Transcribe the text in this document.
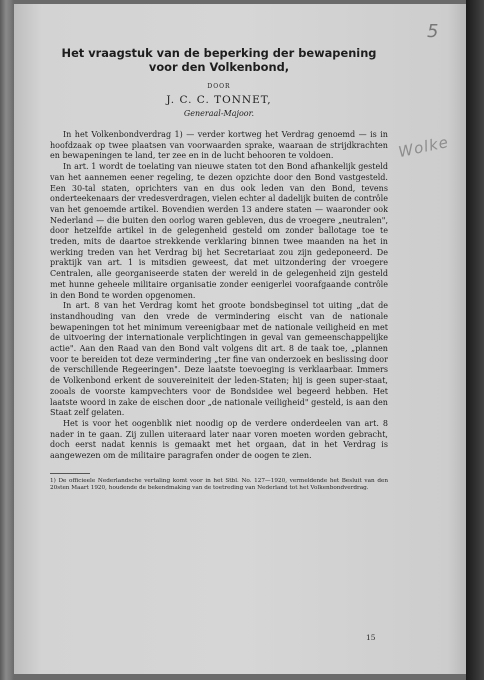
5
Wolke
Het vraagstuk van de beperking der bewapening voor den Volkenbond,
DOOR
J. C. C. TONNET,
Generaal-Majoor.

In het Volkenbondverdrag 1) — verder kortweg het Verdrag genoemd — is in hoofdzaak op twee plaatsen van voorwaarden sprake, waaraan de strijdkrachten en bewapeningen te land, ter zee en in de lucht behooren te voldoen.

In art. 1 wordt de toelating van nieuwe staten tot den Bond afhankelijk gesteld van het aannemen eener regeling, te dezen opzichte door den Bond vastgesteld. Een 30-tal staten, oprichters van en dus ook leden van den Bond, tevens onderteekenaars der vredesverdragen, vielen echter al dadelijk buiten de contrôle van het genoemde artikel. Bovendien werden 13 andere staten — waaronder ook Nederland — die buiten den oorlog waren gebleven, dus de vroegere „neutralen", door hetzelfde artikel in de gelegenheid gesteld om zonder ballotage toe te treden, mits de daartoe strekkende verklaring binnen twee maanden na het in werking treden van het Verdrag bij het Secretariaat zou zijn gedeponeerd. De praktijk van art. 1 is mitsdien geweest, dat met uitzondering der vroegere Centralen, alle georganiseerde staten der wereld in de gelegenheid zijn gesteld met hunne geheele militaire organisatie zonder eenigerlei voorafgaande contrôle in den Bond te worden opgenomen.

In art. 8 van het Verdrag komt het groote bondsbeginsel tot uiting „dat de instandhouding van den vrede de vermindering eischt van de nationale bewapeningen tot het minimum vereenigbaar met de nationale veiligheid en met de uitvoering der internationale verplichtingen in geval van gemeenschappelijke actie". Aan den Raad van den Bond valt volgens dit art. 8 de taak toe, „plannen voor te bereiden tot deze vermindering „ter fine van onderzoek en beslissing door de verschillende Regeeringen". Deze laatste toevoeging is verklaarbaar. Immers de Volkenbond erkent de souvereiniteit der leden-Staten; hij is geen super-staat, zooals de voorste kampvechters voor de Bondsidee wel begeerd hebben. Het laatste woord in zake de eischen door „de nationale veiligheid" gesteld, is aan den Staat zelf gelaten.

Het is voor het oogenblik niet noodig op de verdere onderdeelen van art. 8 nader in te gaan. Zij zullen uiteraard later naar voren moeten worden gebracht, doch eerst nadat kennis is gemaakt met het orgaan, dat in het Verdrag is aangewezen om de militaire paragrafen onder de oogen te zien.

1) De officieele Nederlandsche vertaling komt voor in het Stbl. No. 127—1920, vermeldende het Besluit van den 20sten Maart 1920, houdende de bekendmaking van de toetreding van Nederland tot het Volkenbondverdrag.

15
